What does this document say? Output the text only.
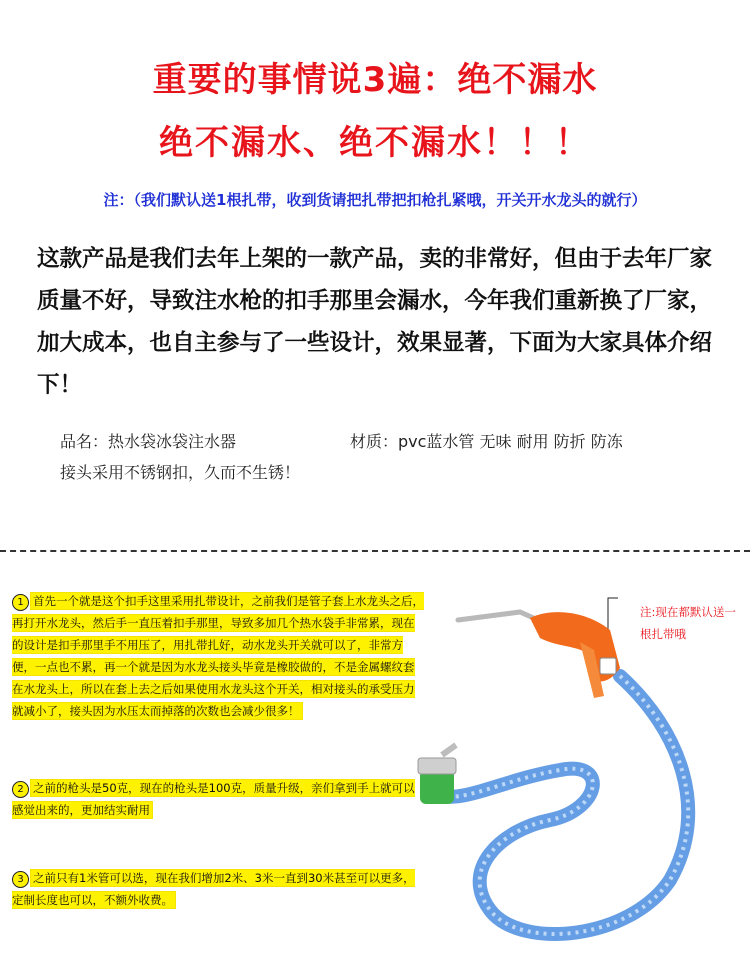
重要的事情说3遍：绝不漏水
绝不漏水、绝不漏水！！！
注：（我们默认送1根扎带，收到货请把扎带把扣枪扎紧哦，开关开水龙头的就行）
这款产品是我们去年上架的一款产品，卖的非常好，但由于去年厂家质量不好，导致注水枪的扣手那里会漏水，今年我们重新换了厂家，加大成本，也自主参与了一些设计，效果显著，下面为大家具体介绍下！
品名：热水袋冰袋注水器	材质：pvc蓝水管 无味 耐用 防折 防冻
接头采用不锈钢扣，久而不生锈！
1 首先一个就是这个扣手这里采用扎带设计，之前我们是管子套上水龙头之后，再打开水龙头，然后手一直压着扣手那里，导致多加几个热水袋手非常累，现在的设计是扣手那里手不用压了，用扎带扎好，动水龙头开关就可以了，非常方便，一点也不累，再一个就是因为水龙头接头毕竟是橡胶做的，不是金属螺纹套在水龙头上，所以在套上去之后如果使用水龙头这个开关，相对接头的承受压力就减小了，接头因为水压太而掉落的次数也会减少很多！
2 之前的枪头是50克，现在的枪头是100克，质量升级，亲们拿到手上就可以感觉出来的，更加结实耐用
3 之前只有1米管可以选，现在我们增加2米、3米一直到30米甚至可以更多，定制长度也可以，不额外收费。
注:现在都默认送一根扎带哦
